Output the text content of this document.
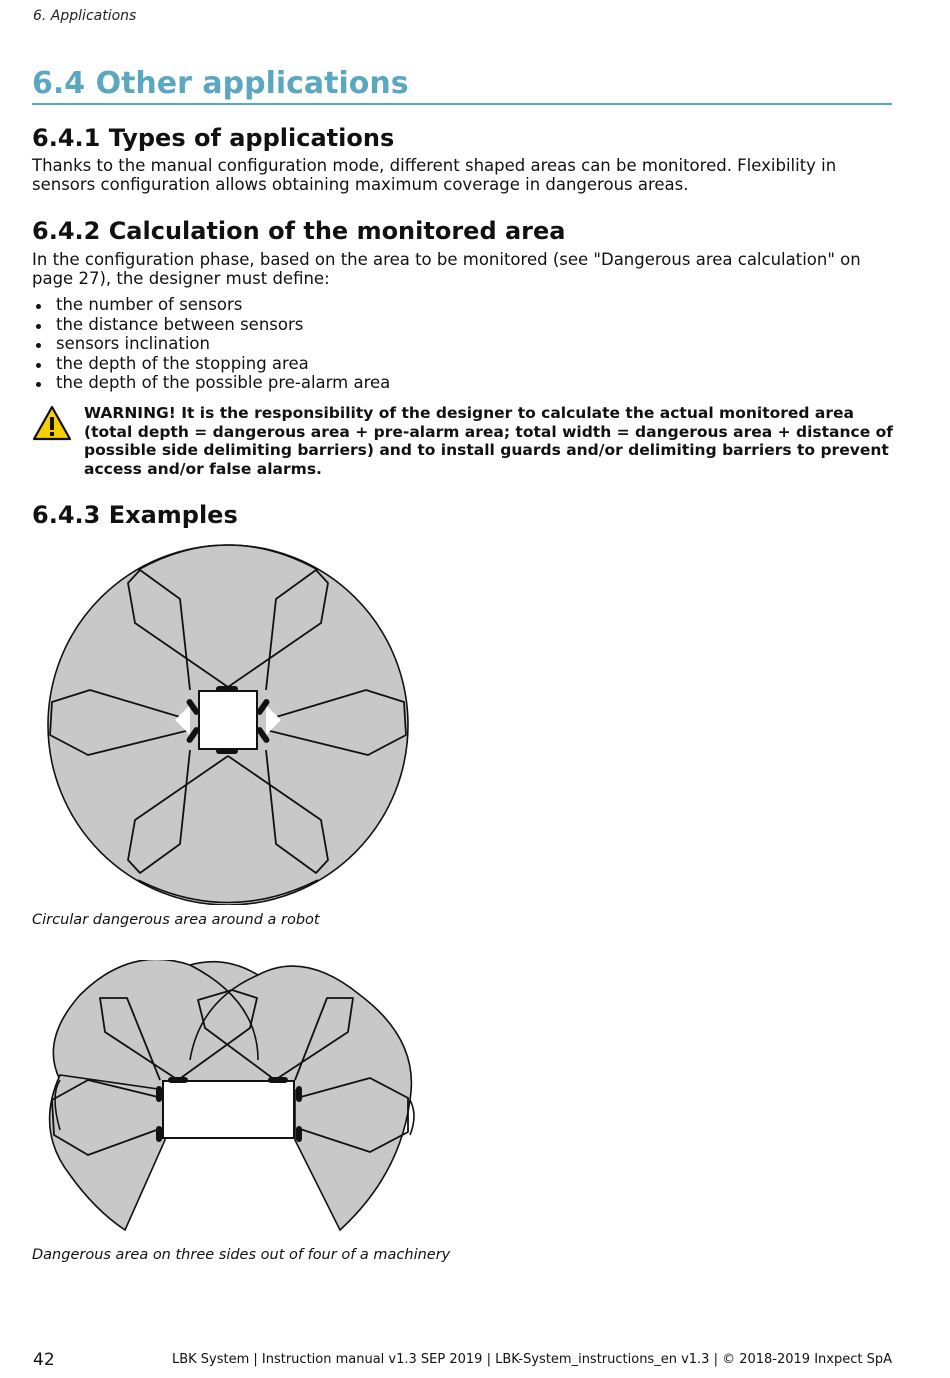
6. Applications
6.4 Other applications
6.4.1 Types of applications

Thanks to the manual configuration mode, different shaped areas can be monitored. Flexibility in sensors configuration allows obtaining maximum coverage in dangerous areas.

6.4.2 Calculation of the monitored area

In the configuration phase, based on the area to be monitored (see "Dangerous area calculation" on page 27), the designer must define:

the number of sensors
the distance between sensors
sensors inclination
the depth of the stopping area
the depth of the possible pre-alarm area

WARNING! It is the responsibility of the designer to calculate the actual monitored area (total depth = dangerous area + pre-alarm area; total width = dangerous area + distance of possible side delimiting barriers) and to install guards and/or delimiting barriers to prevent access and/or false alarms.

6.4.3 Examples

Circular dangerous area around a robot

Dangerous area on three sides out of four of a machinery

42	LBK System | Instruction manual v1.3 SEP 2019 | LBK-System_instructions_en v1.3 | © 2018-2019 Inxpect SpA
